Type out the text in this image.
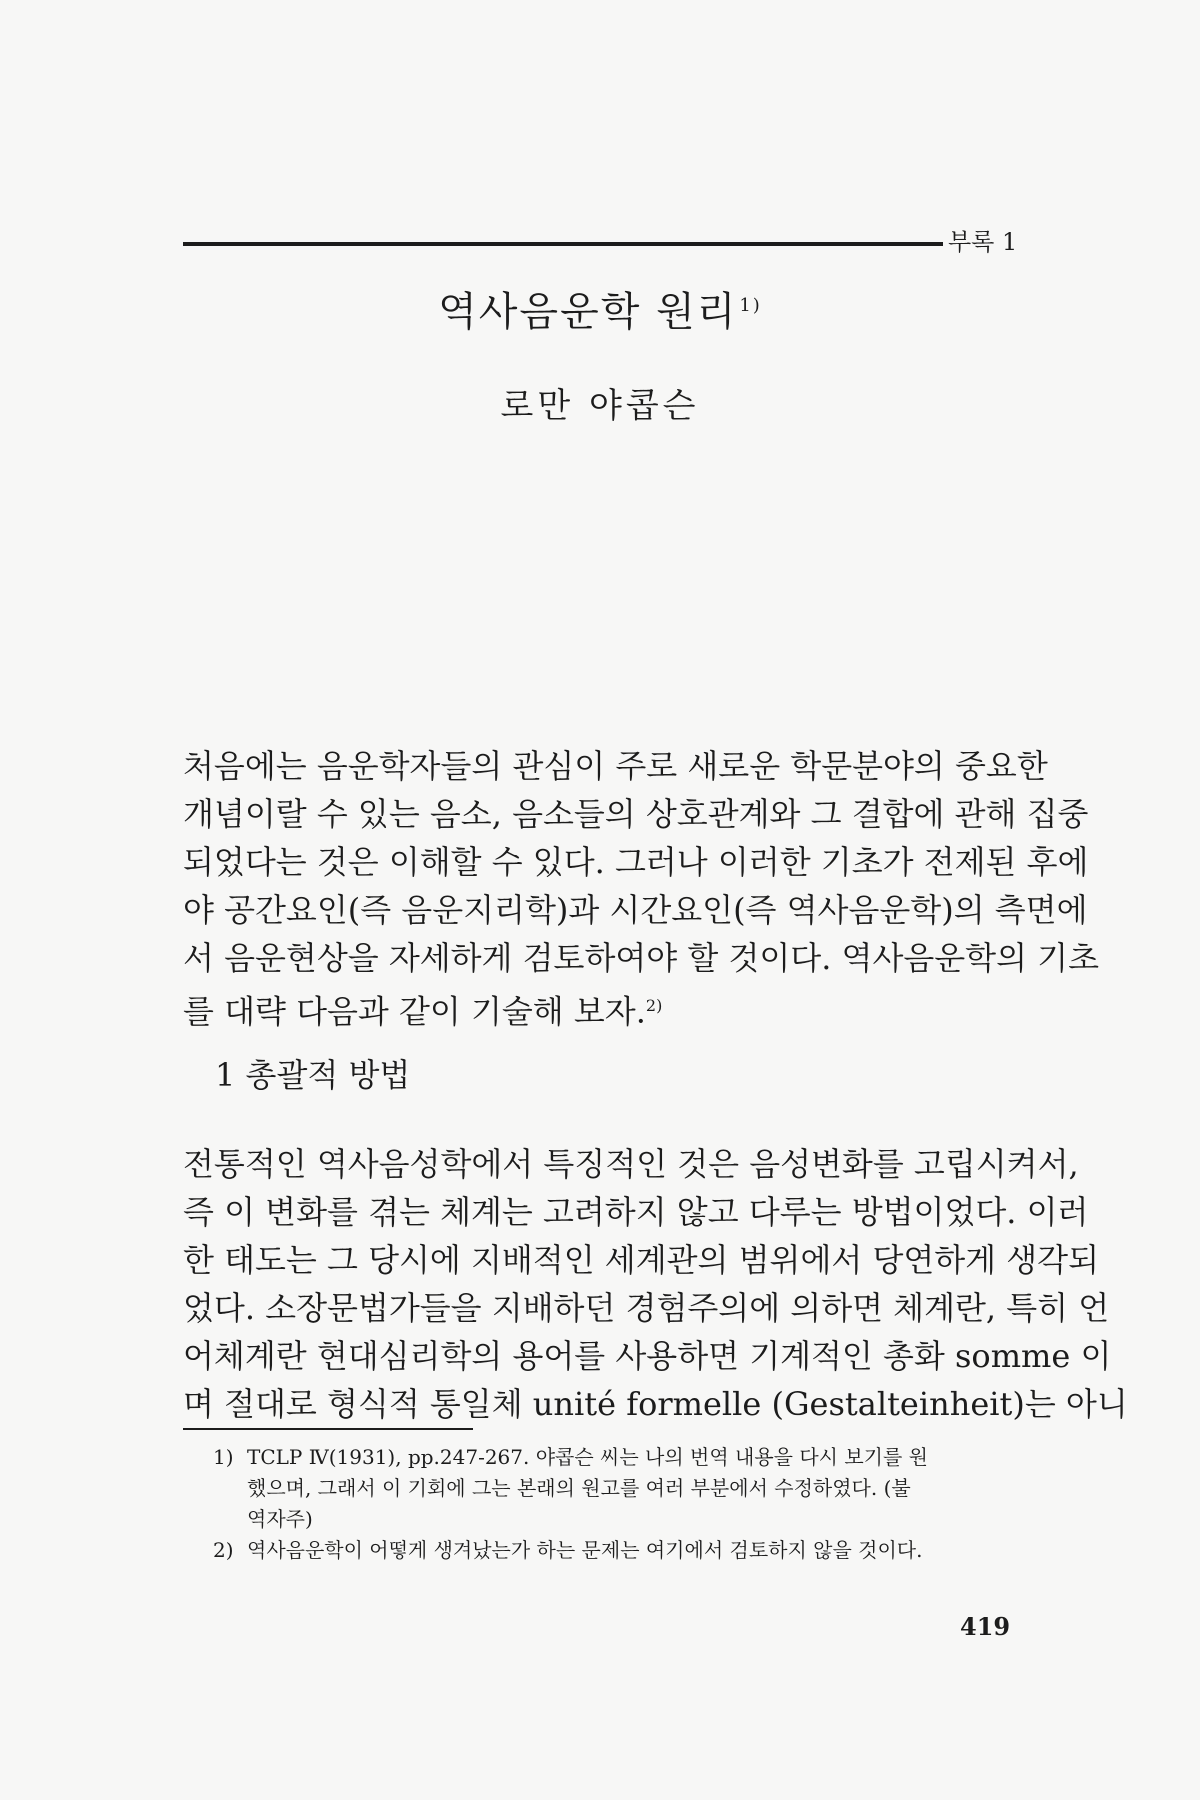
부록 1
역사음운학 원리 $^{1)}$
로만 야콥슨
처음에는 음운학자들의 관심이 주로 새로운 학문분야의 중요한
개념이랄 수 있는 음소, 음소들의 상호관계와 그 결합에 관해 집중
되었다는 것은 이해할 수 있다. 그러나 이러한 기초가 전제된 후에
야 공간요인(즉 음운지리학)과 시간요인(즉 역사음운학)의 측면에
서 음운현상을 자세하게 검토하여야 할 것이다. 역사음운학의 기초
를 대략 다음과 같이 기술해 보자.$^{2)}$
1 총괄적 방법
전통적인 역사음성학에서 특징적인 것은 음성변화를 고립시켜서,
즉 이 변화를 겪는 체계는 고려하지 않고 다루는 방법이었다. 이러
한 태도는 그 당시에 지배적인 세계관의 범위에서 당연하게 생각되
었다. 소장문법가들을 지배하던 경험주의에 의하면 체계란, 특히 언
어체계란 현대심리학의 용어를 사용하면 기계적인 총화 somme 이
며 절대로 형식적 통일체 unité formelle (Gestalteinheit)는 아니
1) TCLP Ⅳ(1931), pp.247-267. 야콥슨 씨는 나의 번역 내용을 다시 보기를 원
했으며, 그래서 이 기회에 그는 본래의 원고를 여러 부분에서 수정하였다. (불
역자주)
2) 역사음운학이 어떻게 생겨났는가 하는 문제는 여기에서 검토하지 않을 것이다.
419
